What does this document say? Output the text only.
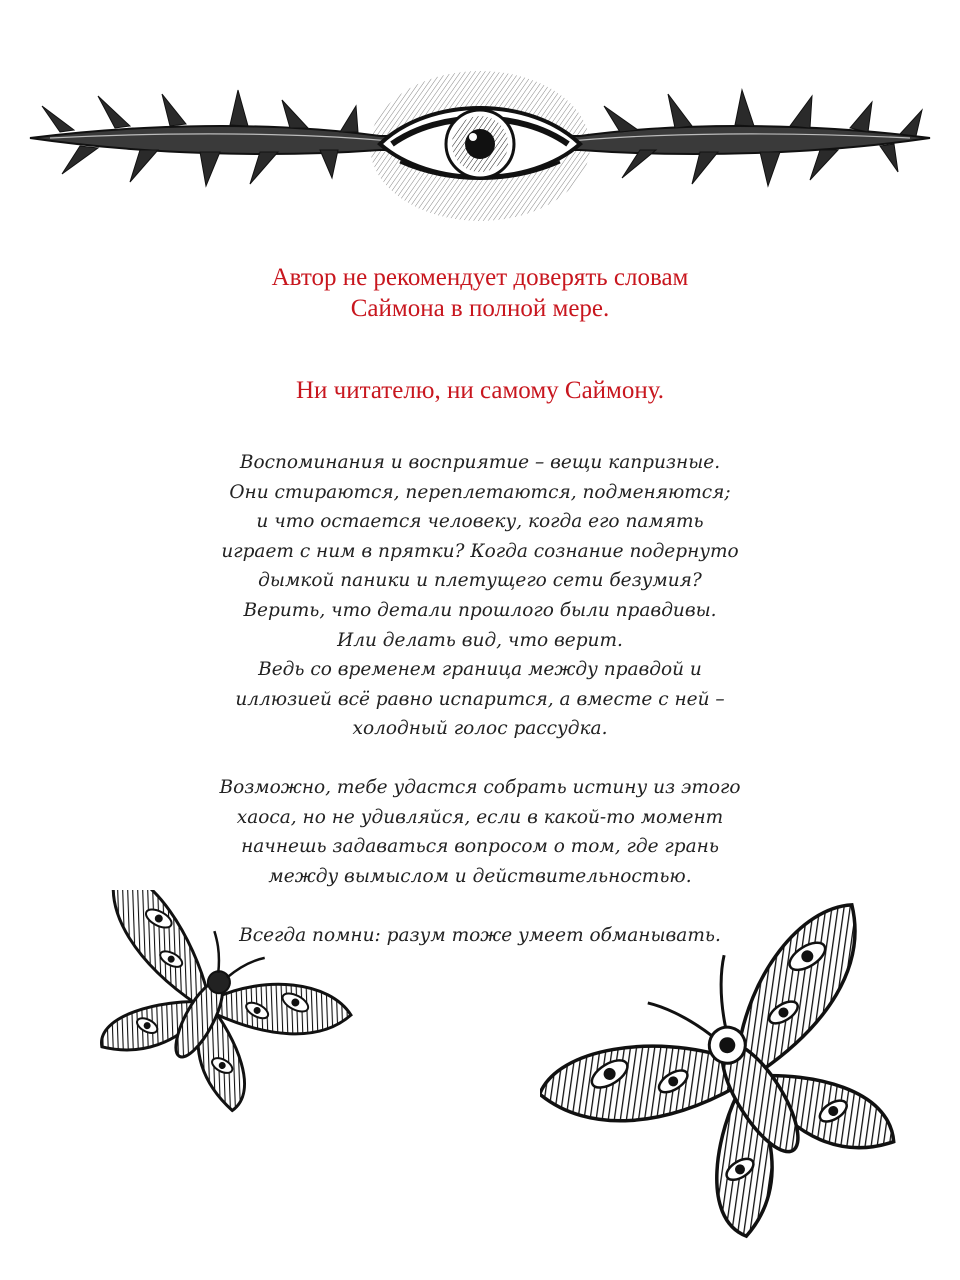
Автор не рекомендует доверять словам
Саймона в полной мере.
Ни читателю, ни самому Саймону.
Воспоминания и восприятие – вещи капризные.
Они стираются, переплетаются, подменяются;
и что остается человеку, когда его память
играет с ним в прятки? Когда сознание подернуто
дымкой паники и плетущего сети безумия?
Верить, что детали прошлого были правдивы.
Или делать вид, что верит.
Ведь со временем граница между правдой и
иллюзией всё равно испарится, а вместе с ней –
холодный голос рассудка.
Возможно, тебе удастся собрать истину из этого
хаоса, но не удивляйся, если в какой-то момент
начнешь задаваться вопросом о том, где грань
между вымыслом и действительностью.
Всегда помни: разум тоже умеет обманывать.
